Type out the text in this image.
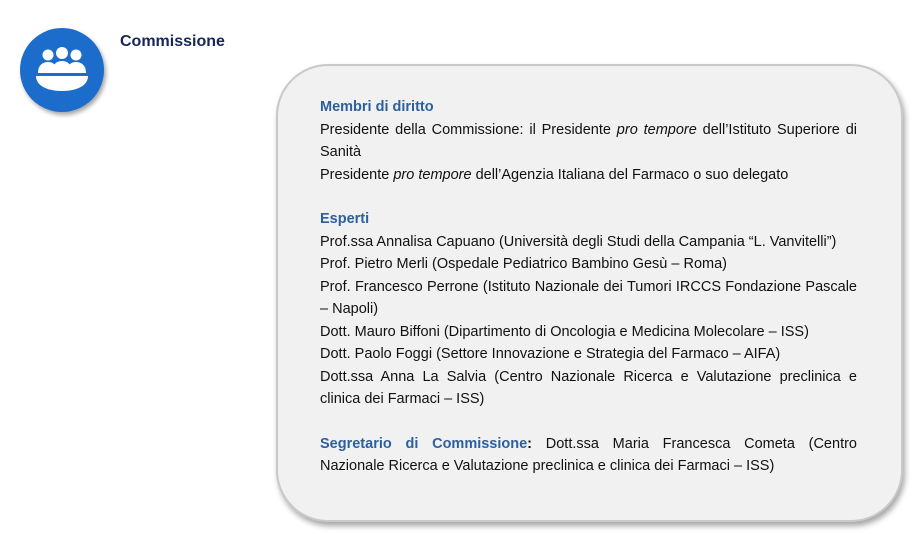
Commissione
Membri di diritto
Presidente della Commissione: il Presidente pro tempore dell’Istituto Superiore di Sanità
Presidente pro tempore dell’Agenzia Italiana del Farmaco o suo delegato
Esperti
Prof.ssa Annalisa Capuano (Università degli Studi della Campania “L. Vanvitelli”)
Prof. Pietro Merli (Ospedale Pediatrico Bambino Gesù – Roma)
Prof. Francesco Perrone (Istituto Nazionale dei Tumori IRCCS Fondazione Pascale – Napoli)
Dott. Mauro Biffoni (Dipartimento di Oncologia e Medicina Molecolare – ISS)
Dott. Paolo Foggi (Settore Innovazione e Strategia del Farmaco – AIFA)
Dott.ssa Anna La Salvia (Centro Nazionale Ricerca e Valutazione preclinica e clinica dei Farmaci – ISS)
Segretario di Commissione: Dott.ssa Maria Francesca Cometa (Centro Nazionale Ricerca e Valutazione preclinica e clinica dei Farmaci – ISS)
